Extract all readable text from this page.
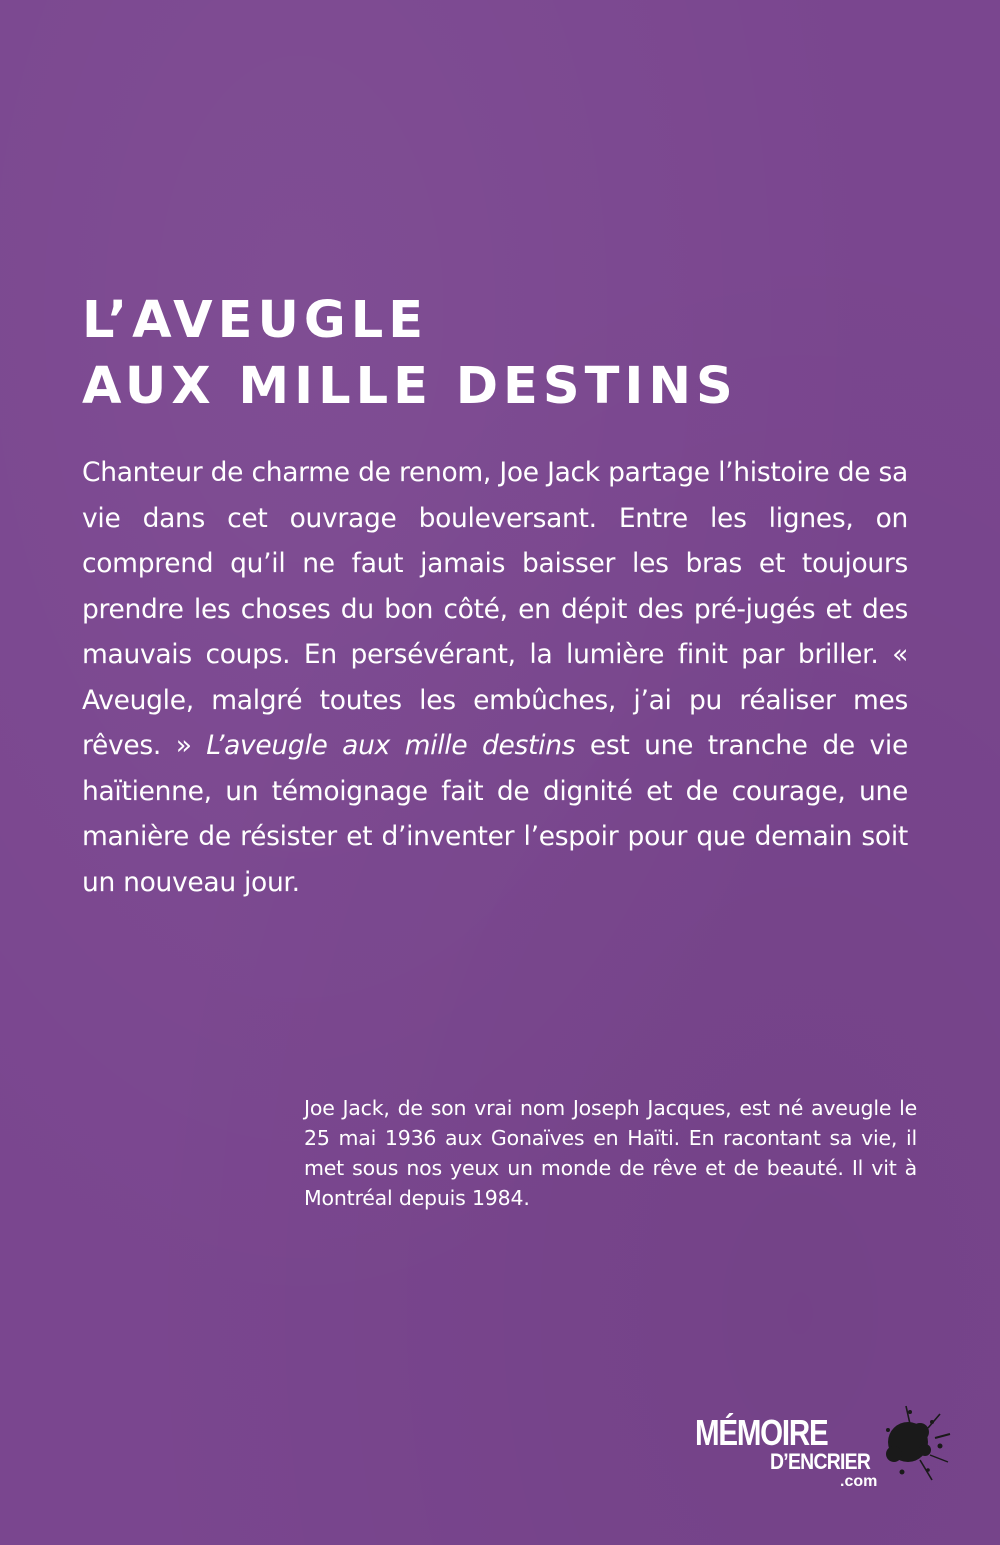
L’AVEUGLE
AUX MILLE DESTINS

Chanteur de charme de renom, Joe Jack partage l’histoire de sa vie dans cet ouvrage bouleversant. Entre les lignes, on comprend qu’il ne faut jamais baisser les bras et toujours prendre les choses du bon côté, en dépit des pré-jugés et des mauvais coups. En persévérant, la lumière finit par briller. « Aveugle, malgré toutes les embûches, j’ai pu réaliser mes rêves. » L’aveugle aux mille destins est une tranche de vie haïtienne, un témoignage fait de dignité et de courage, une manière de résister et d’inventer l’espoir pour que demain soit un nouveau jour.

Joe Jack, de son vrai nom Joseph Jacques, est né aveugle le 25 mai 1936 aux Gonaïves en Haïti. En racontant sa vie, il met sous nos yeux un monde de rêve et de beauté. Il vit à Montréal depuis 1984.

MÉMOIRE
D’ENCRIER
.com
